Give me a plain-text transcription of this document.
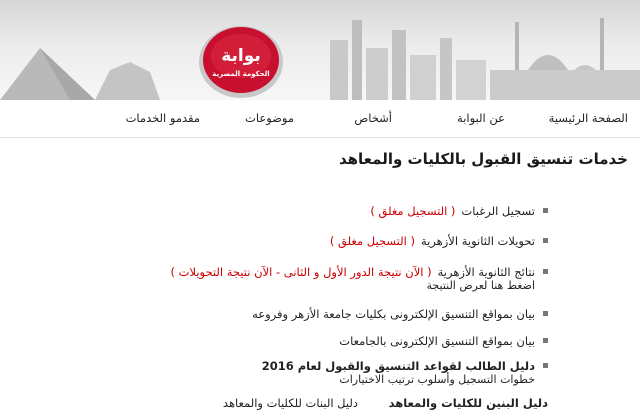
بوابة
الحكومة المصرية
الصفحة الرئيسية
عن البوابة
أشخاص
موضوعات
مقدمو الخدمات
خدمات تنسيق القبول بالكليات والمعاهد
تسجيل الرغبات( التسجيل مغلق )
تحويلات الثانوية الأزهرية( التسجيل مغلق )
نتائج الثانوية الأزهرية( الآن نتيجة الدور الأول و الثانى - الآن نتيجة التحويلات )
اضغط هنا لعرض النتيجة
بيان بمواقع التنسيق الإلكترونى بكليات جامعة الأزهر وفروعه
بيان بمواقع التنسيق الإلكترونى بالجامعات
دليل الطالب لقواعد التنسيق والقبول لعام 2016
خطوات التسجيل وأسلوب ترتيب الاختيارات
دليل البنين للكليات والمعاهد
دليل البنات للكليات والمعاهد
